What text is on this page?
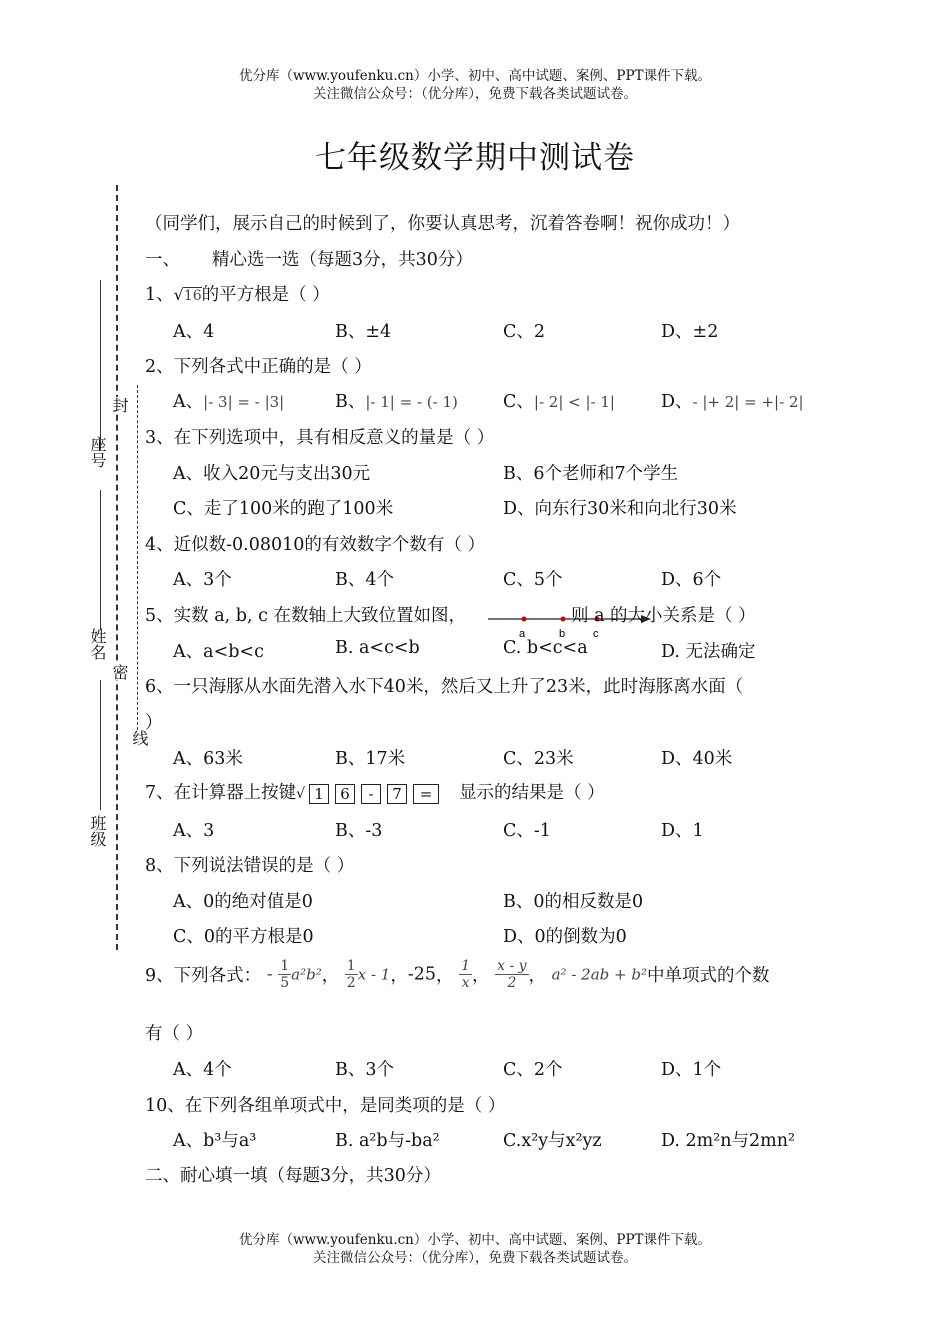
优分库（www.youfenku.cn）小学、初中、高中试题、案例、PPT课件下载。
关注微信公众号：（优分库），免费下载各类试题试卷。
七年级数学期中测试卷
座号
姓名
班级
封
密
线
（同学们，展示自己的时候到了，你要认真思考，沉着答卷啊！祝你成功！）
一、 精心选一选（每题3分，共30分）
1、√16的平方根是（ ）
A、4	B、±4	C、2	D、±2
2、下列各式中正确的是（ ）
A、|- 3| = - |3|	B、|- 1| = - (- 1)	C、|- 2| < |- 1|	D、- |+ 2| = +|- 2|
3、在下列选项中，具有相反意义的量是（ ）
A、收入20元与支出30元	B、6个老师和7个学生
C、走了100米的跑了100米	D、向东行30米和向北行30米
4、近似数-0.08010的有效数字个数有（ ）
A、3个	B、4个	C、5个	D、6个
5、实数 a, b, c 在数轴上大致位置如图，
a	b	c
则 a 的大小关系是（ ）
A、a<b<c	B. a<c<b	C. b<c<a	D. 无法确定
6、一只海豚从水面先潜入水下40米，然后又上升了23米，此时海豚离水面（
）
A、63米	B、17米	C、23米	D、40米
7、在计算器上按键√ 1 6 - 7 = 显示的结果是（ ）
A、3	B、-3	C、-1	D、1
8、下列说法错误的是（ ）
A、0的绝对值是0	B、0的相反数是0
C、0的平方根是0	D、0的倒数为0
9、下列各式： - $\frac{1}{5} a^2b^2$， $\frac{1}{2}$ x - 1，-25， $\frac{1}{x}$ ， $\frac{x - y}{2}$ ， a² - 2ab + b²中单项式的个数
有（ ）
A、4个	B、3个	C、2个	D、1个
10、在下列各组单项式中，是同类项的是（ ）
A、b³与a³	B. a²b与-ba²	C.x²y与x²yz	D. 2m²n与2mn²
二、耐心填一填（每题3分，共30分）
优分库（www.youfenku.cn）小学、初中、高中试题、案例、PPT课件下载。
关注微信公众号：（优分库），免费下载各类试题试卷。
